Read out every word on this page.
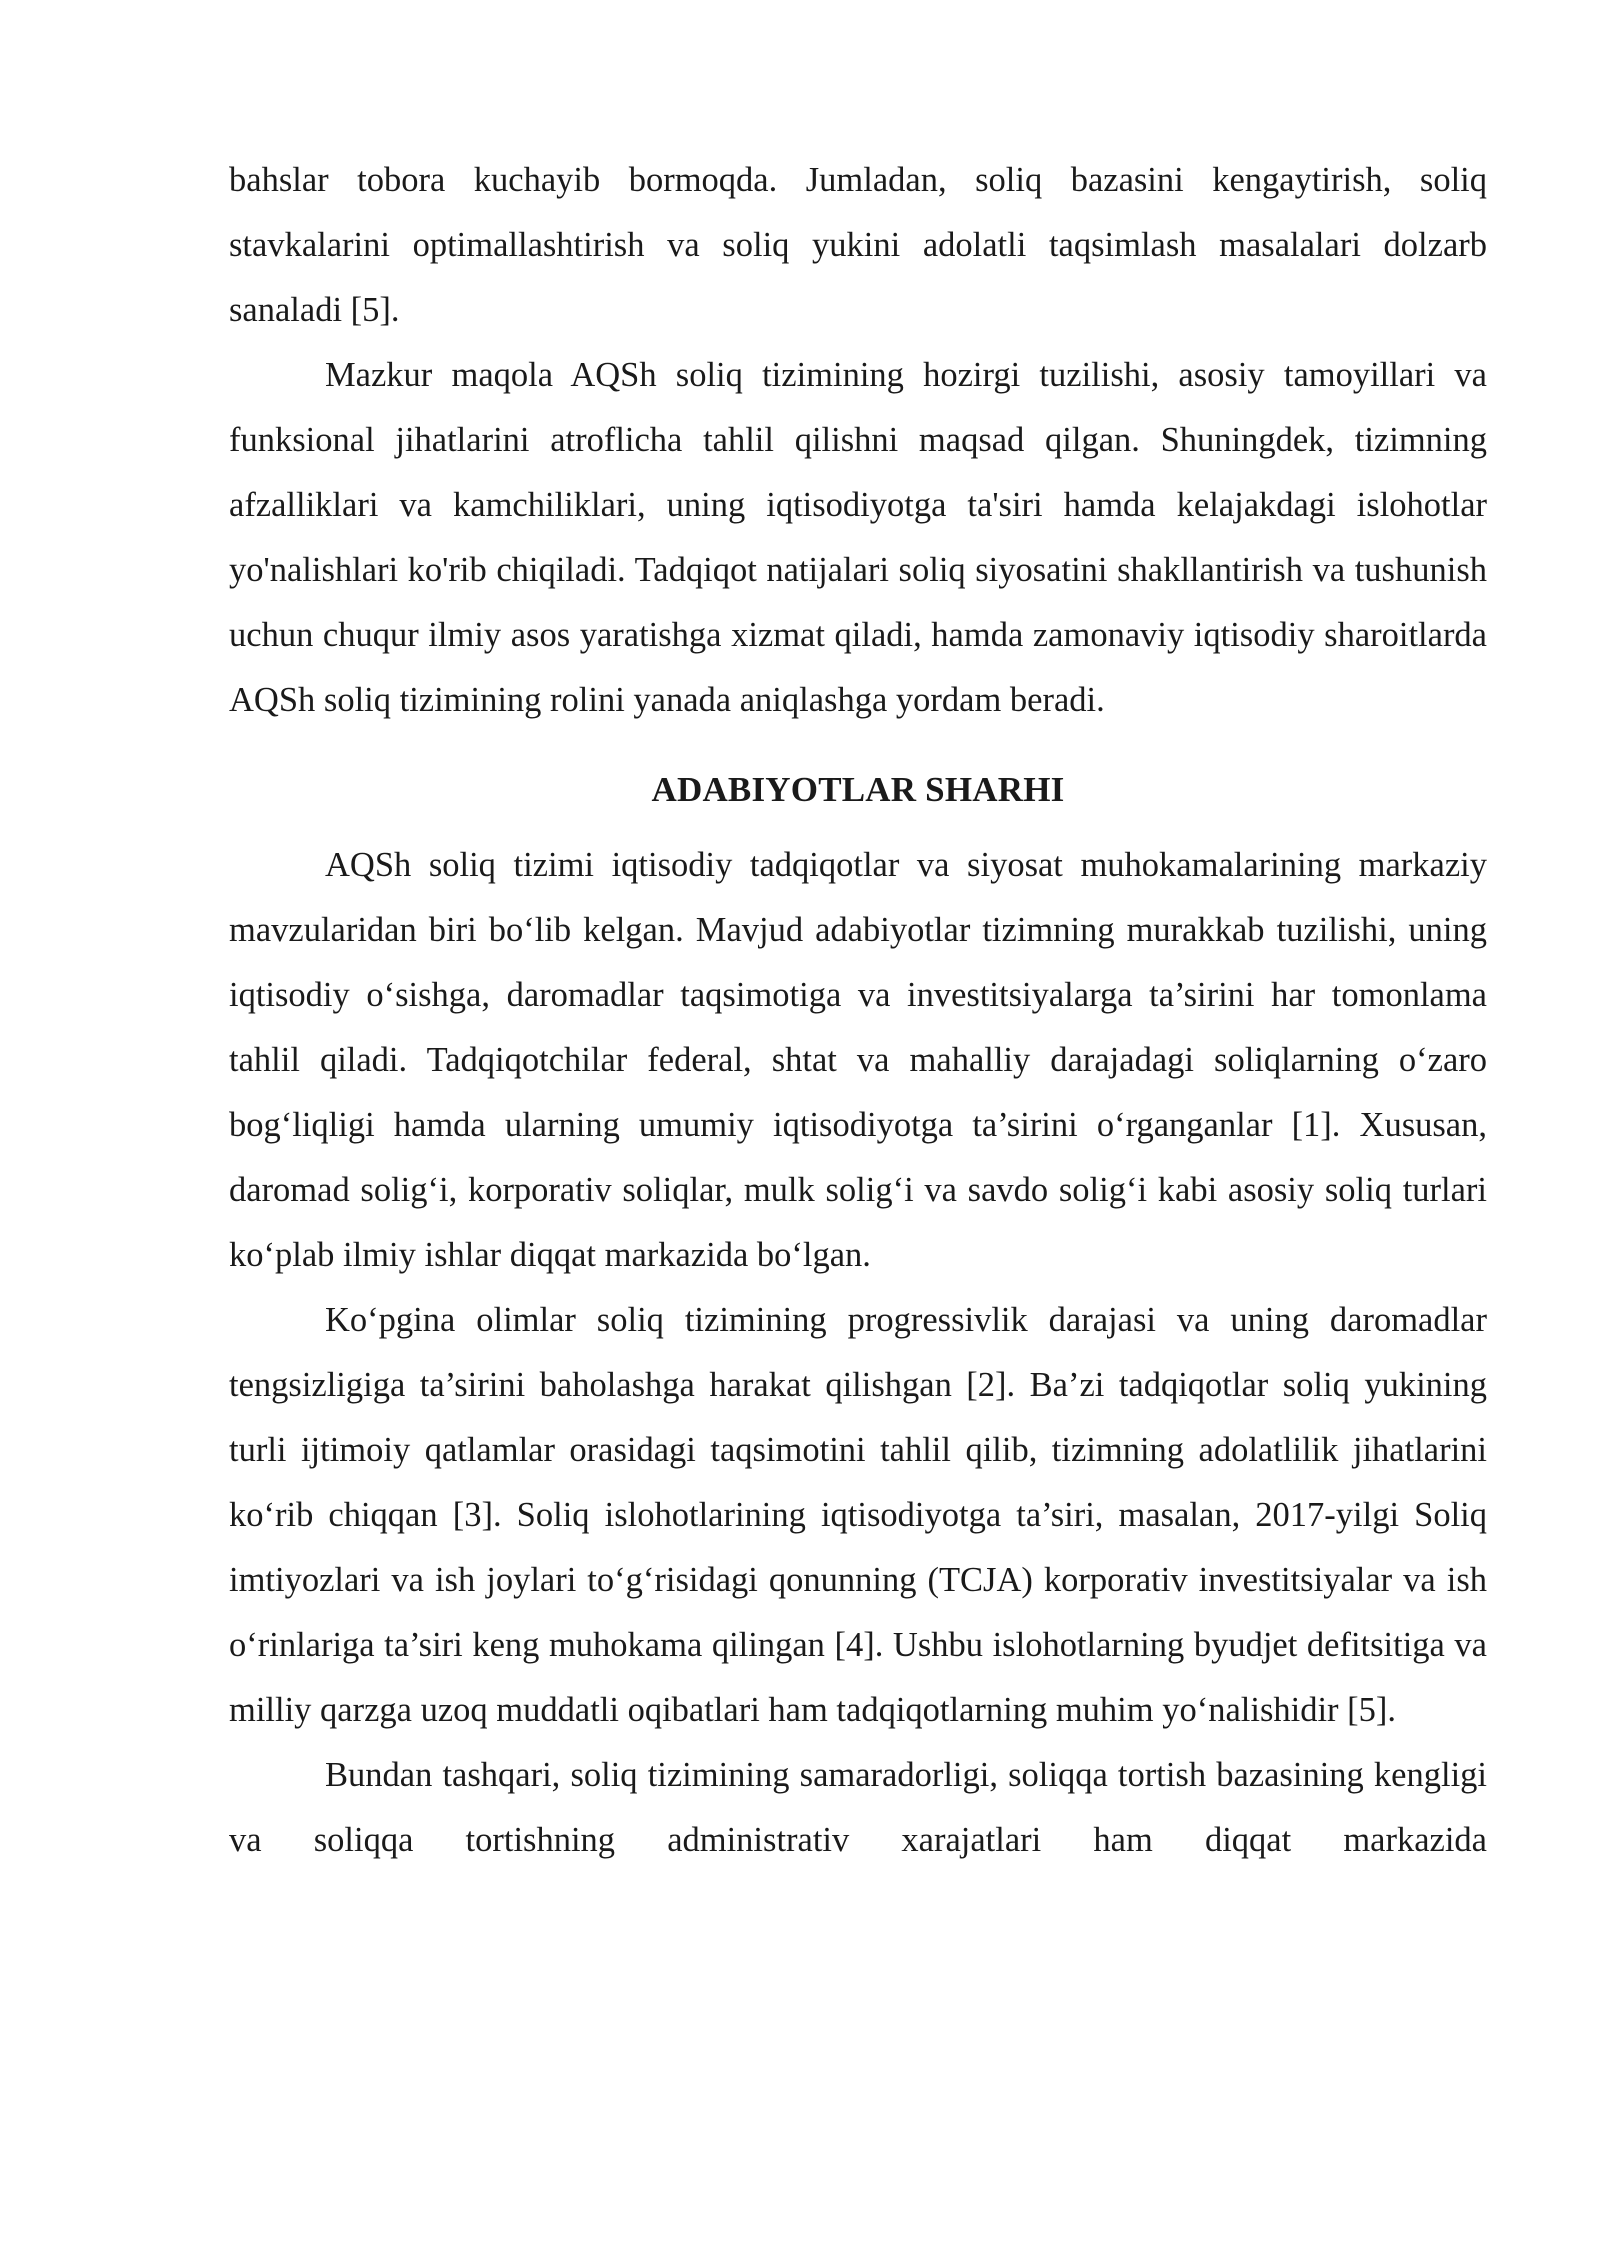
bahslar tobora kuchayib bormoqda. Jumladan, soliq bazasini kengaytirish, soliq stavkalarini optimallashtirish va soliq yukini adolatli taqsimlash masalalari dolzarb sanaladi [5].

Mazkur maqola AQSh soliq tizimining hozirgi tuzilishi, asosiy tamoyillari va funksional jihatlarini atroflicha tahlil qilishni maqsad qilgan. Shuningdek, tizimning afzalliklari va kamchiliklari, uning iqtisodiyotga ta'siri hamda kelajakdagi islohotlar yo'nalishlari ko'rib chiqiladi. Tadqiqot natijalari soliq siyosatini shakllantirish va tushunish uchun chuqur ilmiy asos yaratishga xizmat qiladi, hamda zamonaviy iqtisodiy sharoitlarda AQSh soliq tizimining rolini yanada aniqlashga yordam beradi.

ADABIYOTLAR SHARHI

AQSh soliq tizimi iqtisodiy tadqiqotlar va siyosat muhokamalarining markaziy mavzularidan biri bo‘lib kelgan. Mavjud adabiyotlar tizimning murakkab tuzilishi, uning iqtisodiy o‘sishga, daromadlar taqsimotiga va investitsiyalarga ta’sirini har tomonlama tahlil qiladi. Tadqiqotchilar federal, shtat va mahalliy darajadagi soliqlarning o‘zaro bog‘liqligi hamda ularning umumiy iqtisodiyotga ta’sirini o‘rganganlar [1]. Xususan, daromad solig‘i, korporativ soliqlar, mulk solig‘i va savdo solig‘i kabi asosiy soliq turlari ko‘plab ilmiy ishlar diqqat markazida bo‘lgan.

Ko‘pgina olimlar soliq tizimining progressivlik darajasi va uning daromadlar tengsizligiga ta’sirini baholashga harakat qilishgan [2]. Ba’zi tadqiqotlar soliq yukining turli ijtimoiy qatlamlar orasidagi taqsimotini tahlil qilib, tizimning adolatlilik jihatlarini ko‘rib chiqqan [3]. Soliq islohotlarining iqtisodiyotga ta’siri, masalan, 2017-yilgi Soliq imtiyozlari va ish joylari to‘g‘risidagi qonunning (TCJA) korporativ investitsiyalar va ish o‘rinlariga ta’siri keng muhokama qilingan [4]. Ushbu islohotlarning byudjet defitsitiga va milliy qarzga uzoq muddatli oqibatlari ham tadqiqotlarning muhim yo‘nalishidir [5].

Bundan tashqari, soliq tizimining samaradorligi, soliqqa tortish bazasining kengligi va soliqqa tortishning administrativ xarajatlari ham diqqat markazida
